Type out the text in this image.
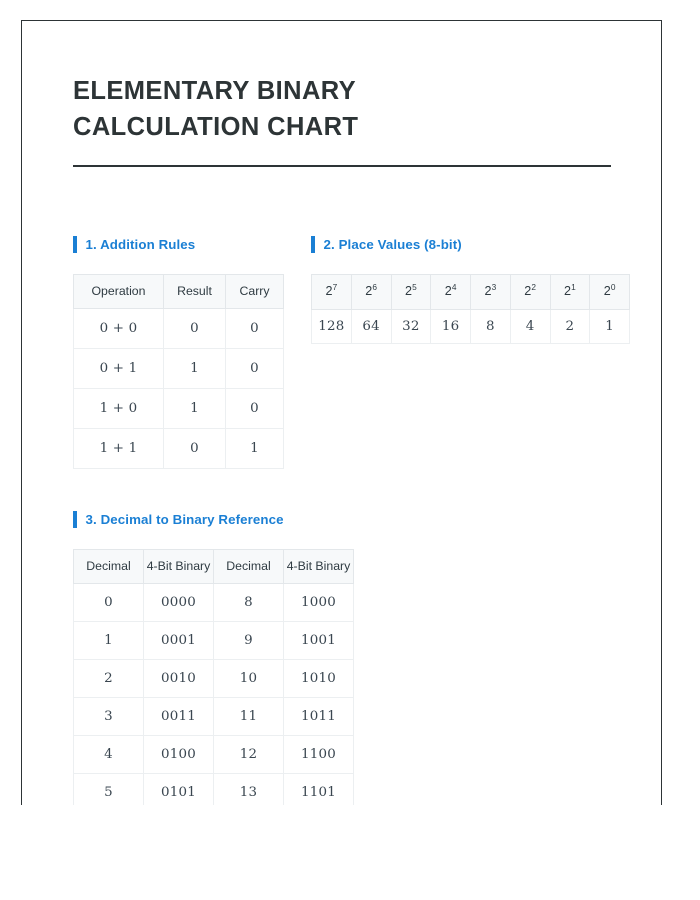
ELEMENTARY BINARY CALCULATION CHART
1. Addition Rules
Operation	Result	Carry
0 + 0	0	0
0 + 1	1	0
1 + 0	1	0
1 + 1	0	1
2. Place Values (8-bit)
$2^7$	$2^6$	$2^5$	$2^4$	$2^3$	$2^2$	$2^1$	$2^0$
128	64	32	16	8	4	2	1
3. Decimal to Binary Reference
Decimal	4-Bit Binary	Decimal	4-Bit Binary
0	0000	8	1000
1	0001	9	1001
2	0010	10	1010
3	0011	11	1011
4	0100	12	1100
5	0101	13	1101
